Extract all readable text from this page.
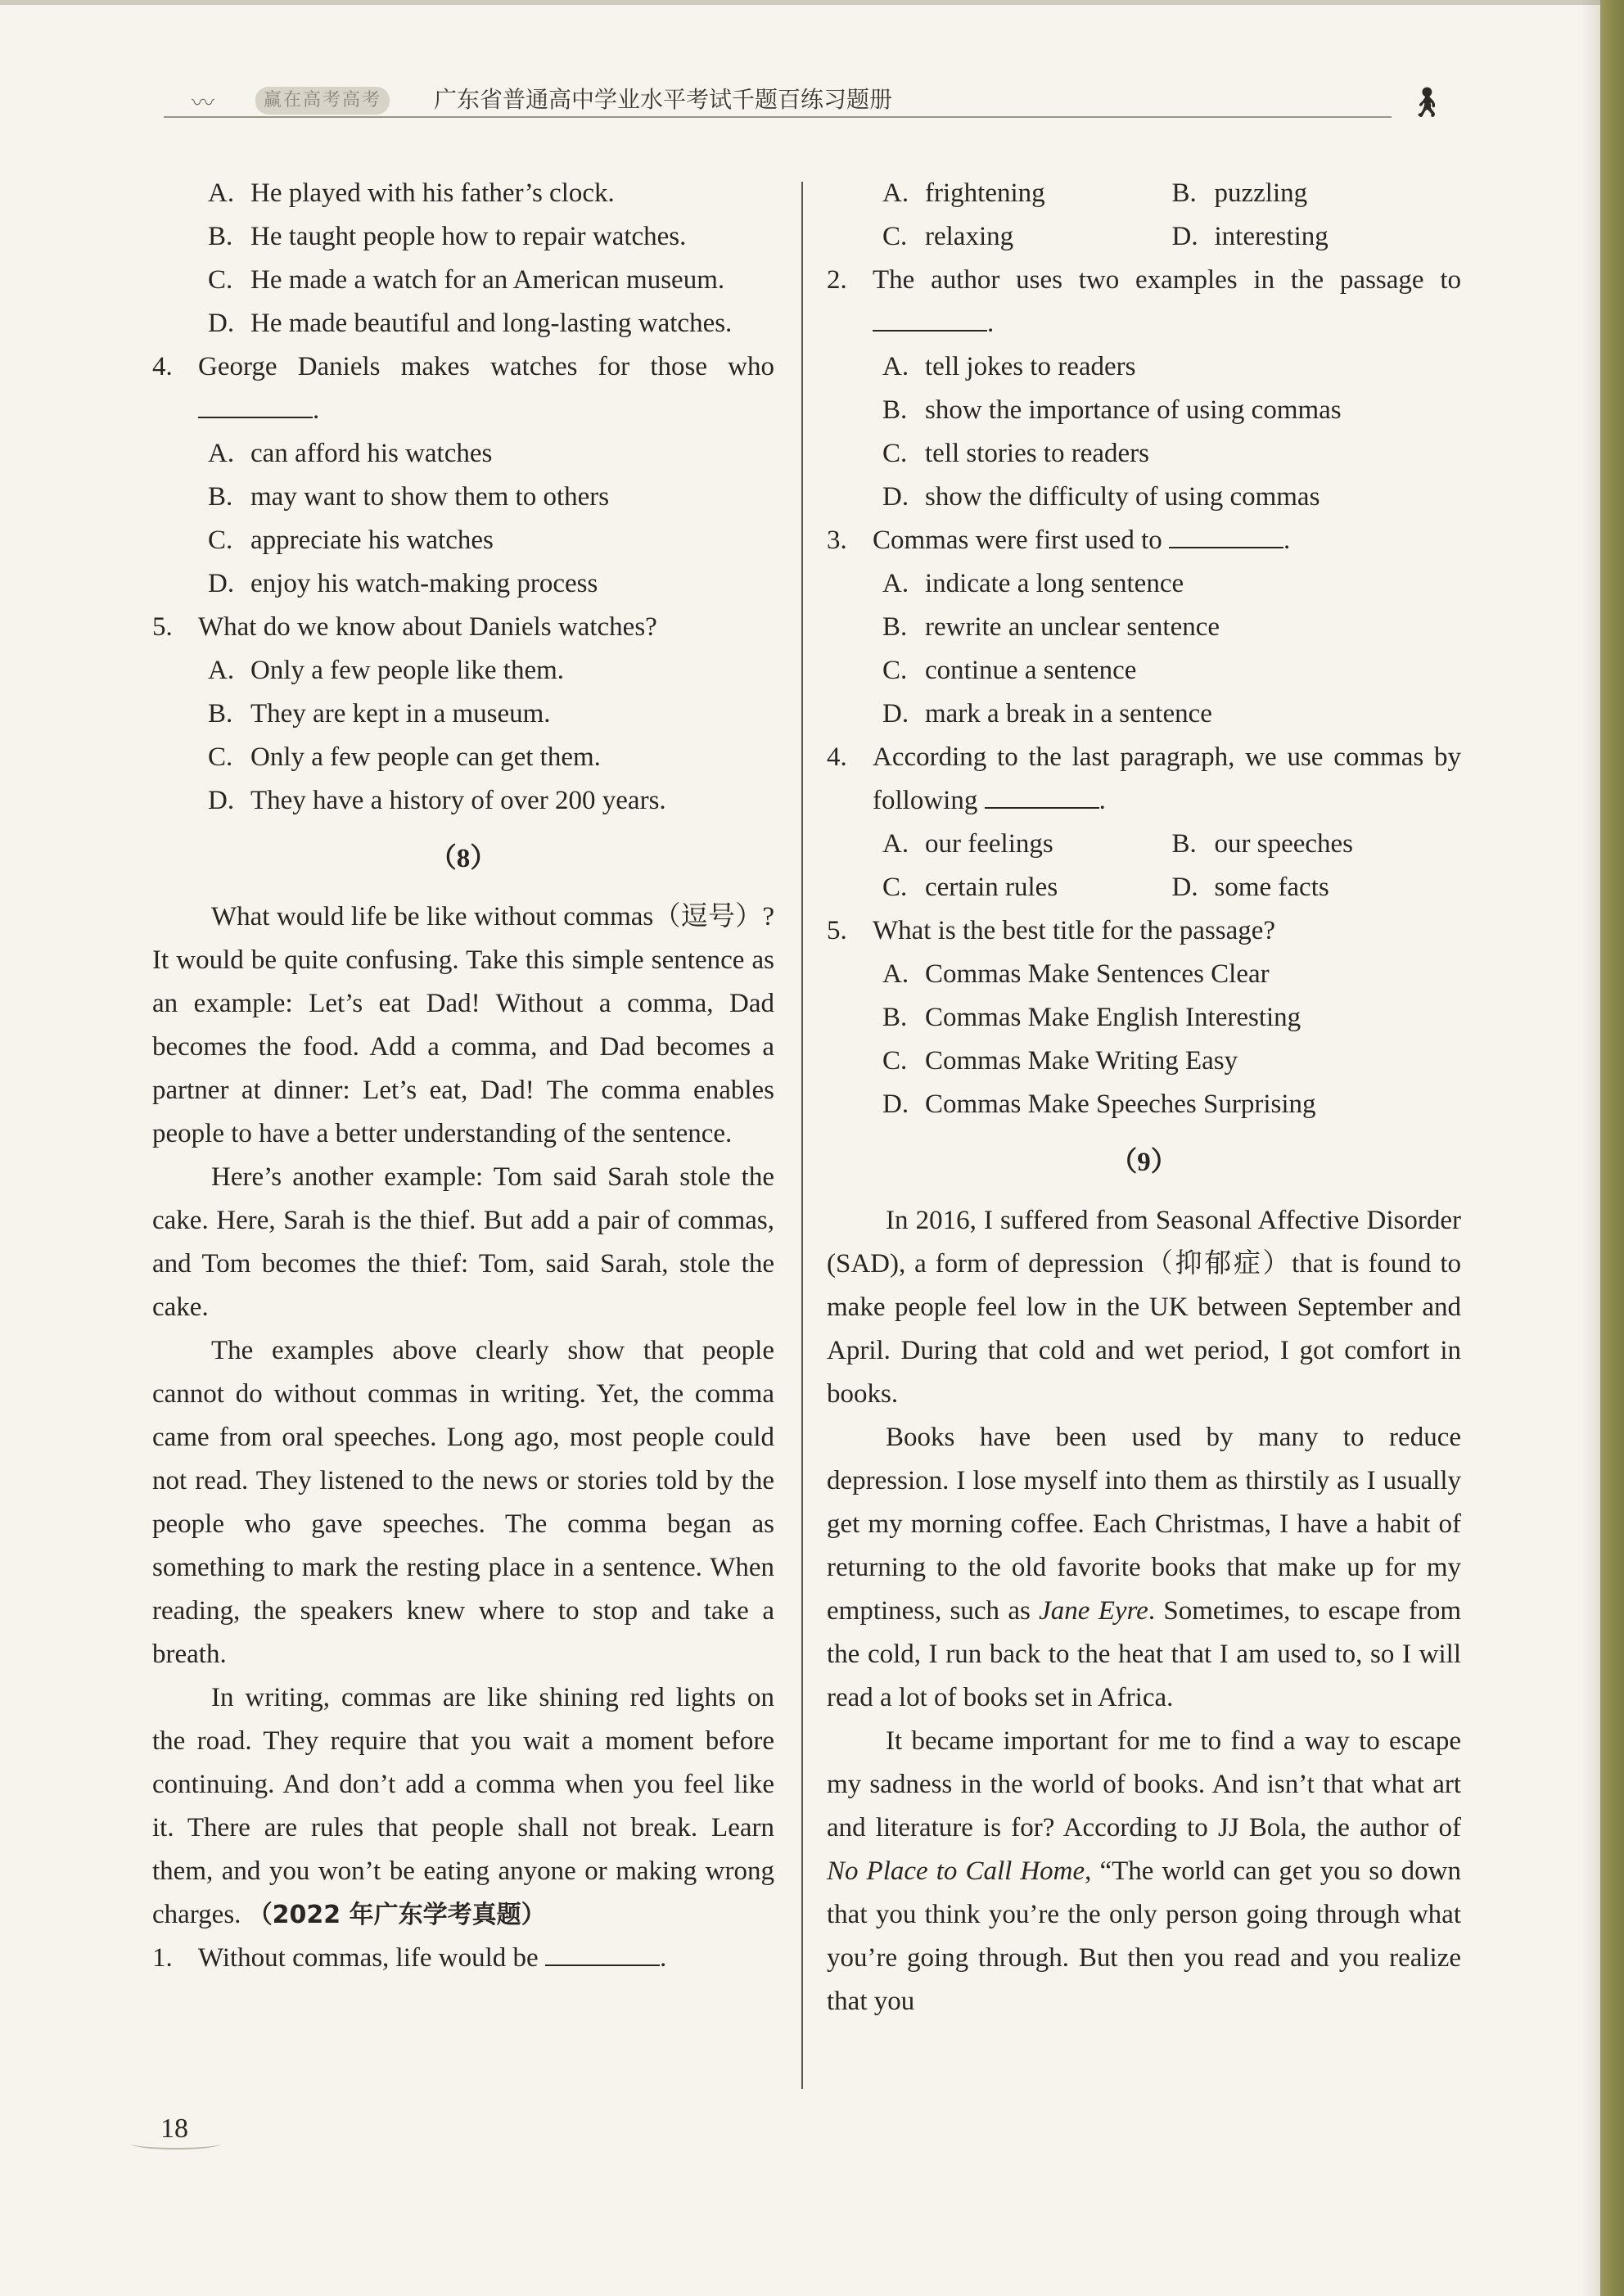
〰	赢在高考高考	广东省普通高中学业水平考试千题百练习题册	🚶︎
A. He played with his father’s clock.
B. He taught people how to repair watches.
C. He made a watch for an American museum.
D. He made beautiful and long-lasting watches.
4. George Daniels makes watches for those who .
A. can afford his watches
B. may want to show them to others
C. appreciate his watches
D. enjoy his watch-making process
5. What do we know about Daniels watches?
A. Only a few people like them.
B. They are kept in a museum.
C. Only a few people can get them.
D. They have a history of over 200 years.
（8）
What would life be like without commas（逗号）? It would be quite confusing. Take this simple sentence as an example: Let’s eat Dad! Without a comma, Dad becomes the food. Add a comma, and Dad becomes a partner at dinner: Let’s eat, Dad! The comma enables people to have a better understanding of the sentence.
Here’s another example: Tom said Sarah stole the cake. Here, Sarah is the thief. But add a pair of commas, and Tom becomes the thief: Tom, said Sarah, stole the cake.
The examples above clearly show that people cannot do without commas in writing. Yet, the comma came from oral speeches. Long ago, most people could not read. They listened to the news or stories told by the people who gave speeches. The comma began as something to mark the resting place in a sentence. When reading, the speakers knew where to stop and take a breath.
In writing, commas are like shining red lights on the road. They require that you wait a moment before continuing. And don’t add a comma when you feel like it. There are rules that people shall not break. Learn them, and you won’t be eating anyone or making wrong charges. （2022 年广东学考真题）
1. Without commas, life would be	.
A. frightening	B. puzzling
C. relaxing	D. interesting
2. The author uses two examples in the passage to .
A. tell jokes to readers
B. show the importance of using commas
C. tell stories to readers
D. show the difficulty of using commas
3. Commas were first used to	.
A. indicate a long sentence
B. rewrite an unclear sentence
C. continue a sentence
D. mark a break in a sentence
4. According to the last paragraph, we use commas by following	.
A. our feelings	B. our speeches
C. certain rules	D. some facts
5. What is the best title for the passage?
A. Commas Make Sentences Clear
B. Commas Make English Interesting
C. Commas Make Writing Easy
D. Commas Make Speeches Surprising
（9）
In 2016, I suffered from Seasonal Affective Disorder (SAD), a form of depression（抑郁症）that is found to make people feel low in the UK between September and April. During that cold and wet period, I got comfort in books.
Books have been used by many to reduce depression. I lose myself into them as thirstily as I usually get my morning coffee. Each Christmas, I have a habit of returning to the old favorite books that make up for my emptiness, such as Jane Eyre. Sometimes, to escape from the cold, I run back to the heat that I am used to, so I will read a lot of books set in Africa.
It became important for me to find a way to escape my sadness in the world of books. And isn’t that what art and literature is for? According to JJ Bola, the author of No Place to Call Home, “The world can get you so down that you think you’re the only person going through what you’re going through. But then you read and you realize that you
18
